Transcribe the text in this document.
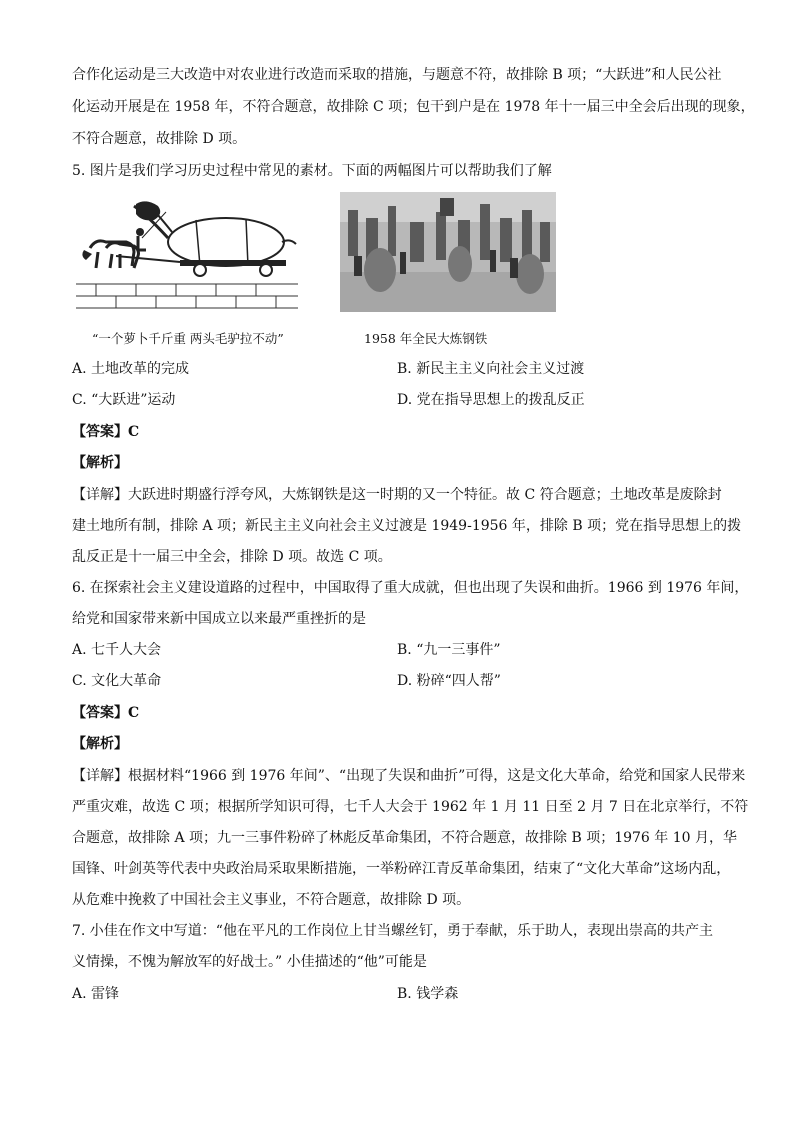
合作化运动是三大改造中对农业进行改造而采取的措施，与题意不符，故排除 B 项；“大跃进”和人民公社
化运动开展是在 1958 年，不符合题意，故排除 C 项；包干到户是在 1978 年十一届三中全会后出现的现象，
不符合题意，故排除 D 项。
5. 图片是我们学习历史过程中常见的素材。下面的两幅图片可以帮助我们了解
“一个萝卜千斤重 两头毛驴拉不动”	1958 年全民大炼钢铁
A. 土地改革的完成	B. 新民主主义向社会主义过渡
C. “大跃进”运动	D. 党在指导思想上的拨乱反正
【答案】C
【解析】
【详解】大跃进时期盛行浮夸风，大炼钢铁是这一时期的又一个特征。故 C 符合题意；土地改革是废除封
建土地所有制，排除 A 项；新民主主义向社会主义过渡是 1949-1956 年，排除 B 项；党在指导思想上的拨
乱反正是十一届三中全会，排除 D 项。故选 C 项。
6. 在探索社会主义建设道路的过程中，中国取得了重大成就，但也出现了失误和曲折。1966 到 1976 年间，
给党和国家带来新中国成立以来最严重挫折的是
A. 七千人大会	B. “九一三事件”
C. 文化大革命	D. 粉碎“四人帮”
【答案】C
【解析】
【详解】根据材料“1966 到 1976 年间”、“出现了失误和曲折”可得，这是文化大革命，给党和国家人民带来
严重灾难，故选 C 项；根据所学知识可得，七千人大会于 1962 年 1 月 11 日至 2 月 7 日在北京举行，不符
合题意，故排除 A 项；九一三事件粉碎了林彪反革命集团，不符合题意，故排除 B 项；1976 年 10 月，华
国锋、叶剑英等代表中央政治局采取果断措施，一举粉碎江青反革命集团，结束了“文化大革命”这场内乱，
从危难中挽救了中国社会主义事业，不符合题意，故排除 D 项。
7. 小佳在作文中写道：“他在平凡的工作岗位上甘当螺丝钉，勇于奉献，乐于助人，表现出崇高的共产主
义情操，不愧为解放军的好战士。” 小佳描述的“他”可能是
A. 雷锋	B. 钱学森
